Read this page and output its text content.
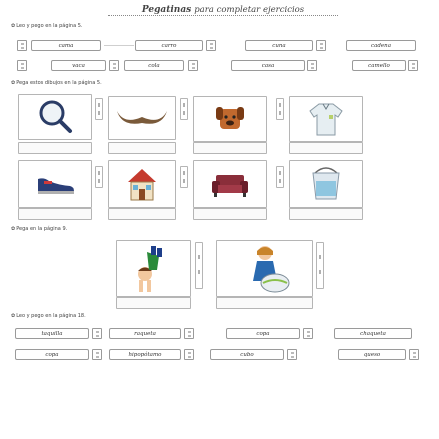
Pegatinas para completar ejercicios
✿Leo y pego en la página 5.
cama	carro	cuna	cadena
vaca	cola	casa	camello
✿Pega estos dibujos en la página 5.
✿Pega en la página 9.
✿Leo y pego en la página 18.
taquilla	raqueta	copa	chaqueta
copa	hipopótamo	cubo	queso
